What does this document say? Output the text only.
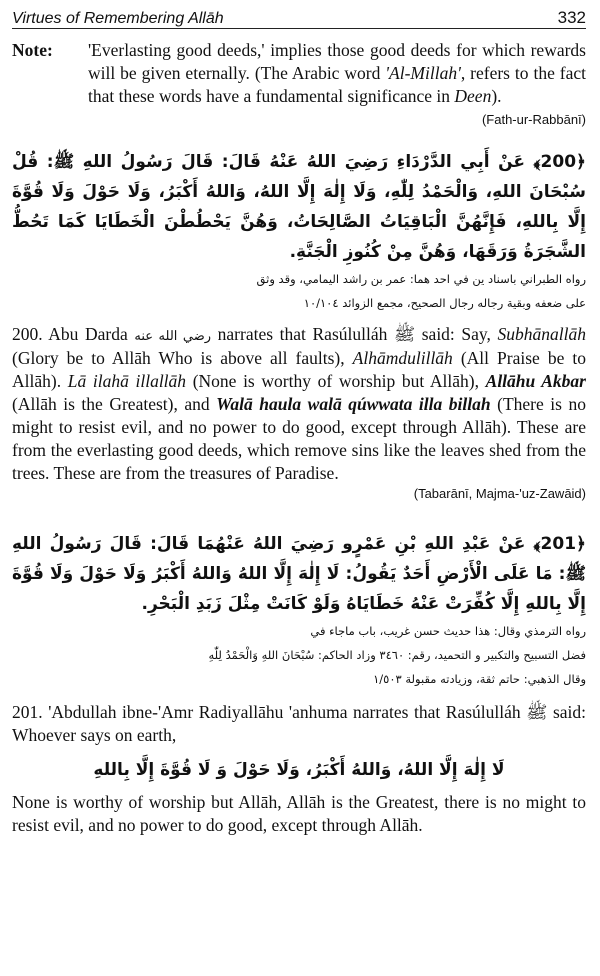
Virtues of Remembering Allāh	332
Note:	'Everlasting good deeds,' implies those good deeds for which rewards will be given eternally. (The Arabic word 'Al-Millah', refers to the fact that these words have a fundamental significance in Deen).
(Fath-ur-Rabbānī)

﴿200﴾ عَنْ أَبِي الدَّرْدَاءِ رَضِيَ اللهُ عَنْهُ قَالَ: قَالَ رَسُولُ اللهِ ﷺ: قُلْ سُبْحَانَ اللهِ، وَالْحَمْدُ لِلّٰهِ، وَلَا إِلٰهَ إِلَّا اللهُ، وَاللهُ أَكْبَرُ، وَلَا حَوْلَ وَلَا قُوَّةَ إِلَّا بِاللهِ، فَإِنَّهُنَّ الْبَاقِيَاتُ الصَّالِحَاتُ، وَهُنَّ يَحْطُطْنَ الْخَطَايَا كَمَا تَحُطُّ الشَّجَرَةُ وَرَقَهَا، وَهُنَّ مِنْ كُنُوزِ الْجَنَّةِ.

رواه الطبراني باسناد ين في احد هما: عمر بن راشد اليمامي، وقد وثق

على ضعفه وبقية رجاله رجال الصحيح، مجمع الزوائد ١٠/١٠٤

200. Abu Darda رضي الله عنه narrates that Rasúlulláh ﷺ said: Say, Subhānallāh (Glory be to Allāh Who is above all faults), Alhāmdulillāh (All Praise be to Allāh). Lā ilahā illallāh (None is worthy of worship but Allāh), Allāhu Akbar (Allāh is the Greatest), and Walā haula walā qúwwata illa billah (There is no might to resist evil, and no power to do good, except through Allāh). These are from the everlasting good deeds, which remove sins like the leaves shed from the trees. These are from the treasures of Paradise.

(Tabarānī, Majma-'uz-Zawāid)

﴿201﴾ عَنْ عَبْدِ اللهِ بْنِ عَمْرٍو رَضِيَ اللهُ عَنْهُمَا قَالَ: قَالَ رَسُولُ اللهِ ﷺ: مَا عَلَى الْأَرْضِ أَحَدٌ يَقُولُ: لَا إِلٰهَ إِلَّا اللهُ وَاللهُ أَكْبَرُ وَلَا حَوْلَ وَلَا قُوَّةَ إِلَّا بِاللهِ إِلَّا كُفِّرَتْ عَنْهُ خَطَايَاهُ وَلَوْ كَانَتْ مِثْلَ زَبَدِ الْبَحْرِ.

رواه الترمذي وقال: هذا حديث حسن غريب، باب ماجاء في

فضل التسبيح والتكبير و التحميد، رقم: ٣٤٦٠ وزاد الحاكم: سُبْحَانَ اللهِ وَالْحَمْدُ لِلّٰهِ

وقال الذهبي: حاتم ثقة، وزيادته مقبولة ١/٥٠٣

201. 'Abdullah ibne-'Amr Radiyallāhu 'anhuma narrates that Rasúlulláh ﷺ said: Whoever says on earth,

لَا إِلٰهَ إِلَّا اللهُ، وَاللهُ أَكْبَرُ، وَلَا حَوْلَ وَ لَا قُوَّةَ إِلَّا بِاللهِ

None is worthy of worship but Allāh, Allāh is the Greatest, there is no might to resist evil, and no power to do good, except through Allāh.
